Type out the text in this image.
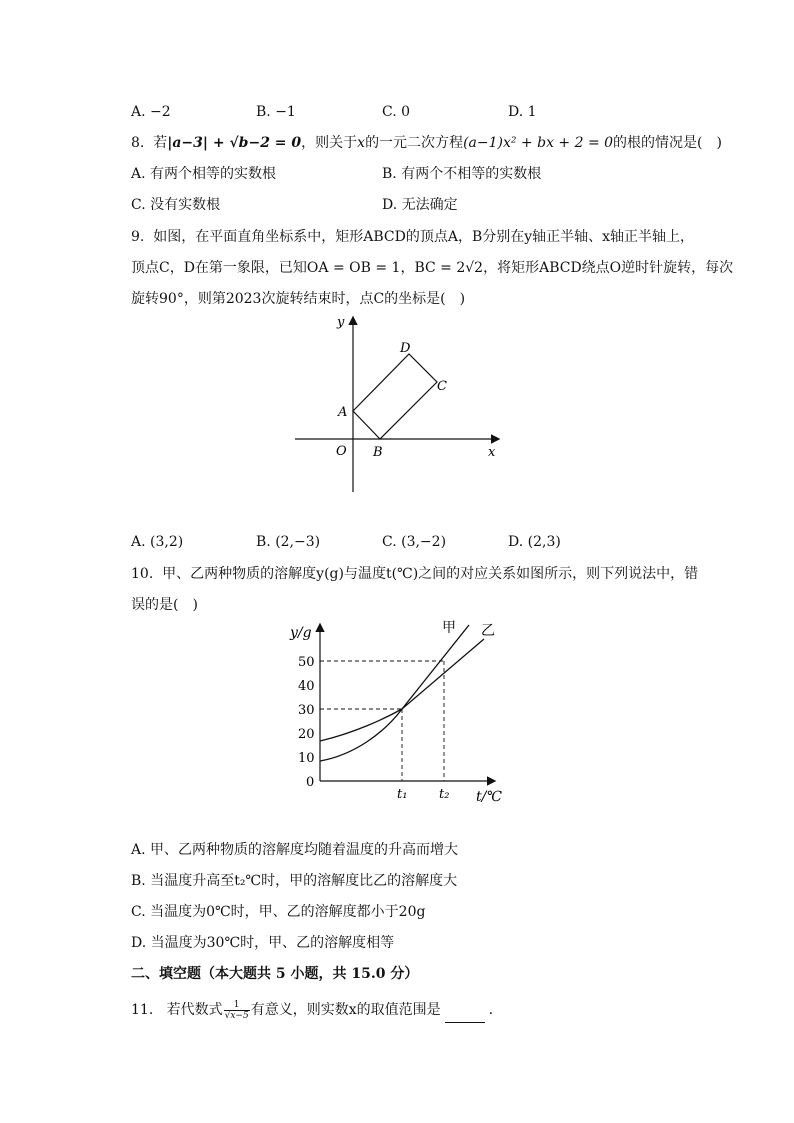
A. −2	B. −1	C. 0	D. 1
8. 若|a−3| + √b−2 = 0，则关于x的一元二次方程(a−1)x² + bx + 2 = 0的根的情况是(　)
A. 有两个相等的实数根	B. 有两个不相等的实数根
C. 没有实数根	D. 无法确定
9. 如图，在平面直角坐标系中，矩形ABCD的顶点A，B分别在y轴正半轴、x轴正半轴上，
顶点C，D在第一象限，已知OA = OB = 1，BC = 2√2，将矩形ABCD绕点O逆时针旋转，每次
旋转90°，则第2023次旋转结束时，点C的坐标是(　)
y
x
O
A
B
C
D
A. (3,2)	B. (2,−3)	C. (3,−2)	D. (2,3)
10. 甲、乙两种物质的溶解度y(g)与温度t(℃)之间的对应关系如图所示，则下列说法中，错
误的是(　)
50
40
30
20
10
0
t₁ t₂
y/g
t/℃
甲 乙
A. 甲、乙两种物质的溶解度均随着温度的升高而增大
B. 当温度升高至t₂℃时，甲的溶解度比乙的溶解度大
C. 当温度为0℃时，甲、乙的溶解度都小于20g
D. 当温度为30℃时，甲、乙的溶解度相等
二、填空题（本大题共 5 小题，共 15.0 分）
11. 若代数式 $\frac{1}{√x-5}$ 有意义，则实数x的取值范围是	.
